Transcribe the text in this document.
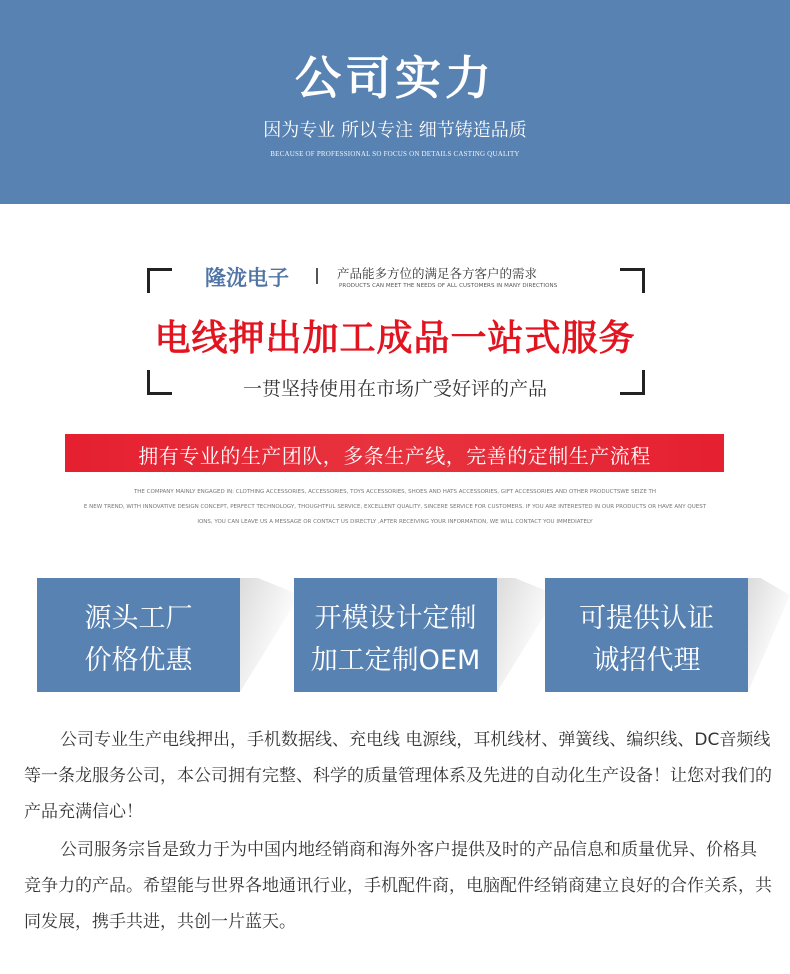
公司实力
因为专业 所以专注 细节铸造品质
BECAUSE OF PROFESSIONAL SO FOCUS ON DETAILS CASTING QUALITY
隆泷电子	产品能多方位的满足各方客户的需求
PRODUCTS CAN MEET THE NEEDS OF ALL CUSTOMERS IN MANY DIRECTIONS
电线押出加工成品一站式服务
一贯坚持使用在市场广受好评的产品
拥有专业的生产团队，多条生产线，完善的定制生产流程
THE COMPANY MAINLY ENGAGED IN: CLOTHING ACCESSORIES, ACCESSORIES, TOYS ACCESSORIES, SHOES AND HATS ACCESSORIES, GIFT ACCESSORIES AND OTHER PRODUCTSWE SEIZE TH
E NEW TREND, WITH INNOVATIVE DESIGN CONCEPT, PERFECT TECHNOLOGY, THOUGHTFUL SERVICE, EXCELLENT QUALITY, SINCERE SERVICE FOR CUSTOMERS. IF YOU ARE INTERESTED IN OUR PRODUCTS OR HAVE ANY QUEST
IONS, YOU CAN LEAVE US A MESSAGE OR CONTACT US DIRECTLY ,AFTER RECEIVING YOUR INFORMATION, WE WILL CONTACT YOU IMMEDIATELY
源头工厂
价格优惠
开模设计定制
加工定制OEM
可提供认证
诚招代理
公司专业生产电线押出，手机数据线、充电线 电源线，耳机线材、弹簧线、编织线、DC音频线等一条龙服务公司，本公司拥有完整、科学的质量管理体系及先进的自动化生产设备！让您对我们的产品充满信心！
公司服务宗旨是致力于为中国内地经销商和海外客户提供及时的产品信息和质量优异、价格具竞争力的产品。希望能与世界各地通讯行业，手机配件商，电脑配件经销商建立良好的合作关系，共同发展，携手共进，共创一片蓝天。
